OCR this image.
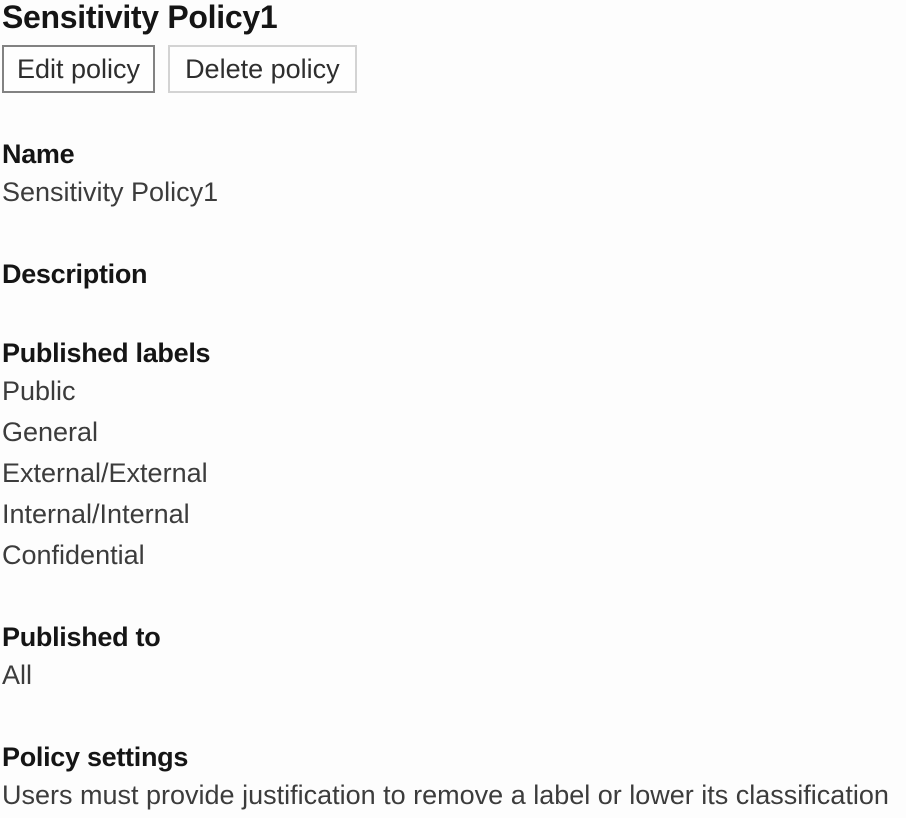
Sensitivity Policy1
Edit policy	Delete policy
Name
Sensitivity Policy1
Description
Published labels
Public
General
External/External
Internal/Internal
Confidential
Published to
All
Policy settings
Users must provide justification to remove a label or lower its classification
